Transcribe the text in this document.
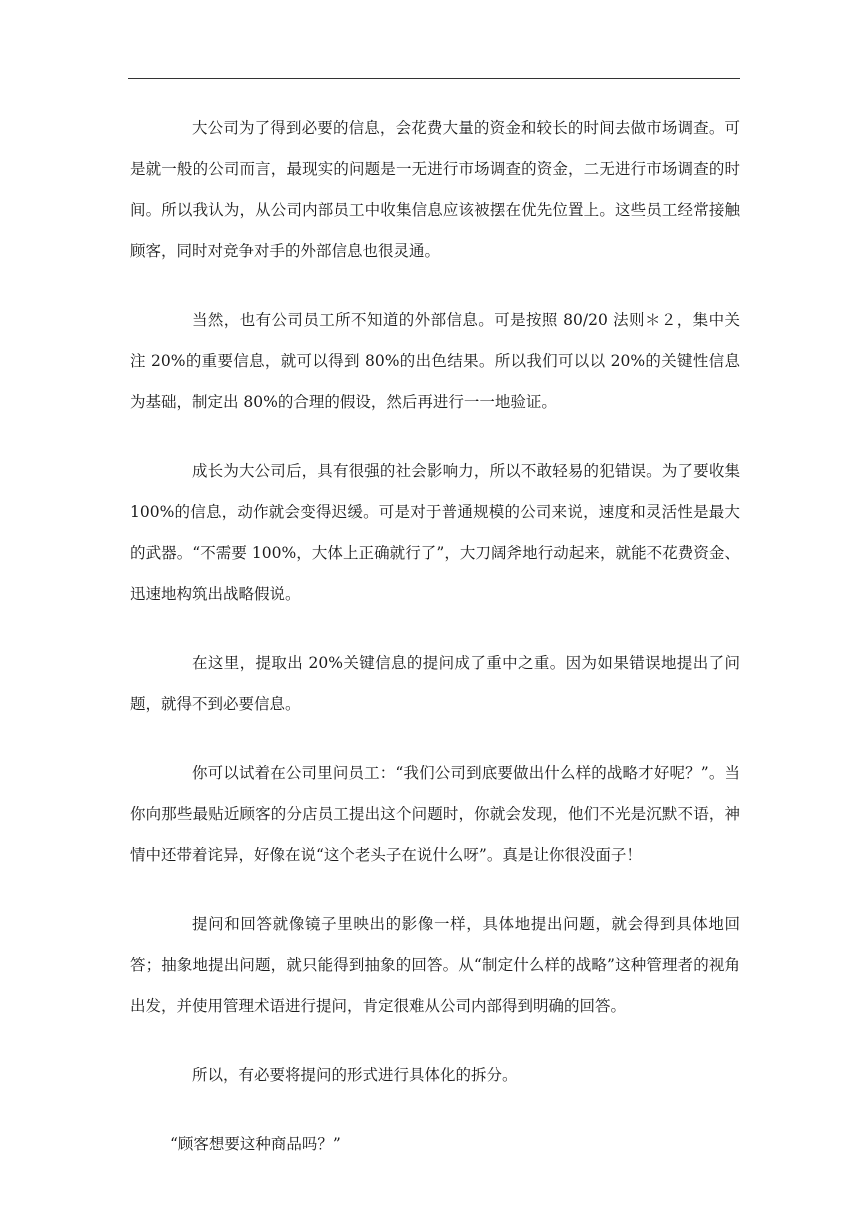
大公司为了得到必要的信息，会花费大量的资金和较长的时间去做市场调查。可是就一般的公司而言，最现实的问题是一无进行市场调查的资金，二无进行市场调查的时间。所以我认为，从公司内部员工中收集信息应该被摆在优先位置上。这些员工经常接触顾客，同时对竞争对手的外部信息也很灵通。

当然，也有公司员工所不知道的外部信息。可是按照 80/20 法则＊２，集中关注 20%的重要信息，就可以得到 80%的出色结果。所以我们可以以 20%的关键性信息为基础，制定出 80%的合理的假设，然后再进行一一地验证。

成长为大公司后，具有很强的社会影响力，所以不敢轻易的犯错误。为了要收集 100%的信息，动作就会变得迟缓。可是对于普通规模的公司来说，速度和灵活性是最大的武器。“不需要 100%，大体上正确就行了”，大刀阔斧地行动起来，就能不花费资金、迅速地构筑出战略假说。

在这里，提取出 20%关键信息的提问成了重中之重。因为如果错误地提出了问题，就得不到必要信息。

你可以试着在公司里问员工：“我们公司到底要做出什么样的战略才好呢？”。当你向那些最贴近顾客的分店员工提出这个问题时，你就会发现，他们不光是沉默不语，神情中还带着诧异，好像在说“这个老头子在说什么呀”。真是让你很没面子！

提问和回答就像镜子里映出的影像一样，具体地提出问题，就会得到具体地回答；抽象地提出问题，就只能得到抽象的回答。从“制定什么样的战略”这种管理者的视角出发，并使用管理术语进行提问，肯定很难从公司内部得到明确的回答。

所以，有必要将提问的形式进行具体化的拆分。

“顾客想要这种商品吗？”
